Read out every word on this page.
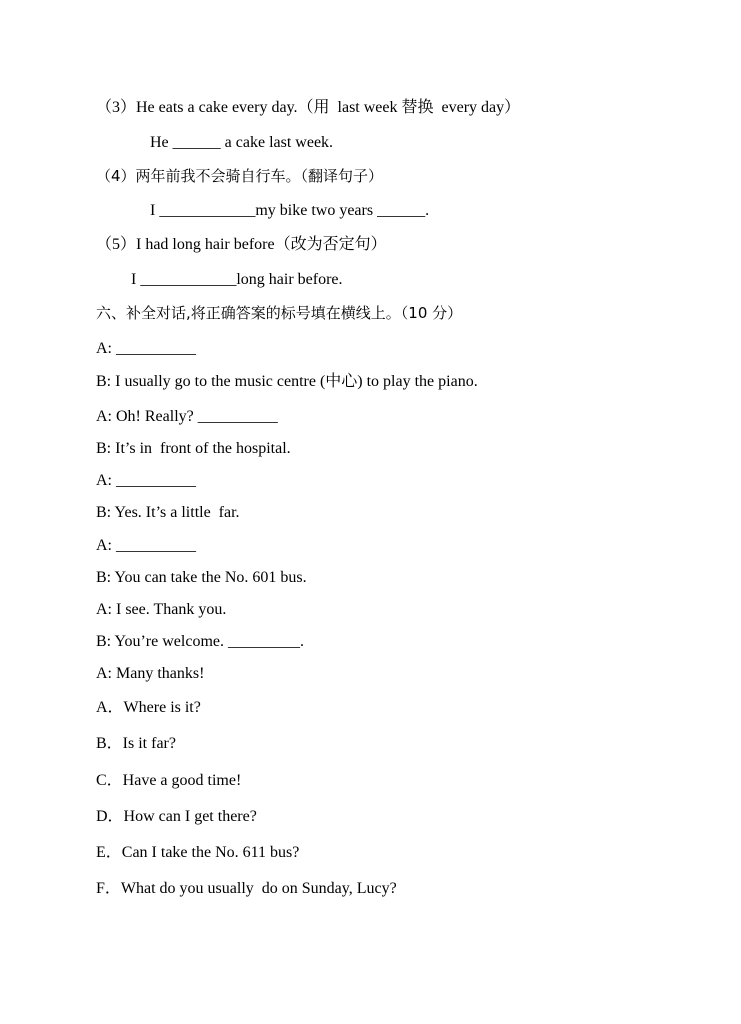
（3）He eats a cake every day.（用  last week 替换  every day）
He ______ a cake last week.
（4）两年前我不会骑自行车。（翻译句子）
I ____________my bike two years ______.
（5）I had long hair before（改为否定句）
I ____________long hair before.
六、补全对话,将正确答案的标号填在横线上。（10 分）
A: __________
B: I usually go to the music centre (中心) to play the piano.
A: Oh! Really? __________
B: It’s in  front of the hospital.
A: __________
B: Yes. It’s a little  far.
A: __________
B: You can take the No. 601 bus.
A: I see. Thank you.
B: You’re welcome. _________.
A: Many thanks!
A．Where is it?
B．Is it far?
C．Have a good time!
D．How can I get there?
E．Can I take the No. 611 bus?
F．What do you usually  do on Sunday, Lucy?
